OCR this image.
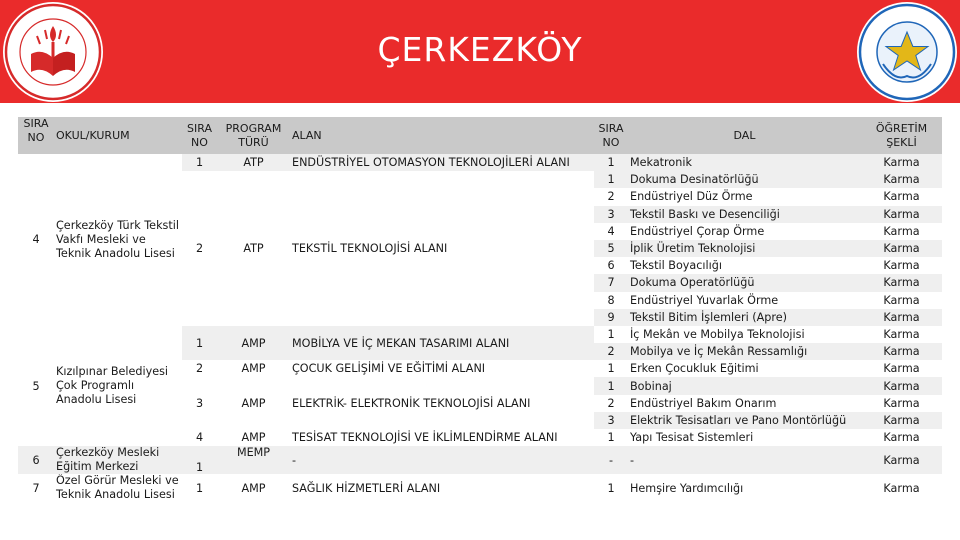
ÇERKEZKÖY
SIRA NO	OKUL/KURUM	SIRA NO	PROGRAM TÜRÜ	ALAN	SIRA NO	DAL	ÖĞRETİM ŞEKLİ
4	Çerkezköy Türk Tekstil Vakfı Mesleki ve Teknik Anadolu Lisesi	1	ATP	ENDÜSTRİYEL OTOMASYON TEKNOLOJİLERİ ALANI	1	Mekatronik	Karma
		2	ATP	TEKSTİL TEKNOLOJİSİ ALANI	1	Dokuma Desinatörlüğü	Karma
					2	Endüstriyel Düz Örme	Karma
					3	Tekstil Baskı ve Desenciliği	Karma
					4	Endüstriyel Çorap Örme	Karma
					5	İplik Üretim Teknolojisi	Karma
					6	Tekstil Boyacılığı	Karma
					7	Dokuma Operatörlüğü	Karma
					8	Endüstriyel Yuvarlak Örme	Karma
					9	Tekstil Bitim İşlemleri (Apre)	Karma
5	Kızılpınar Belediyesi Çok Programlı Anadolu Lisesi	1	AMP	MOBİLYA VE İÇ MEKAN TASARIMI ALANI	1	İç Mekân ve Mobilya Teknolojisi	Karma
					2	Mobilya ve İç Mekân Ressamlığı	Karma
		2	AMP	ÇOCUK GELİŞİMİ VE EĞİTİMİ ALANI	1	Erken Çocukluk Eğitimi	Karma
		3	AMP	ELEKTRİK- ELEKTRONİK TEKNOLOJİSİ ALANI	1	Bobinaj	Karma
					2	Endüstriyel Bakım Onarım	Karma
					3	Elektrik Tesisatları ve Pano Montörlüğü	Karma
		4	AMP	TESİSAT TEKNOLOJİSİ VE İKLİMLENDİRME ALANI	1	Yapı Tesisat Sistemleri	Karma
6	Çerkezköy Mesleki Eğitim Merkezi	1	MEMP	-	-	-	Karma
7	Özel Görür Mesleki ve Teknik Anadolu Lisesi	1	AMP	SAĞLIK HİZMETLERİ ALANI	1	Hemşire Yardımcılığı	Karma
